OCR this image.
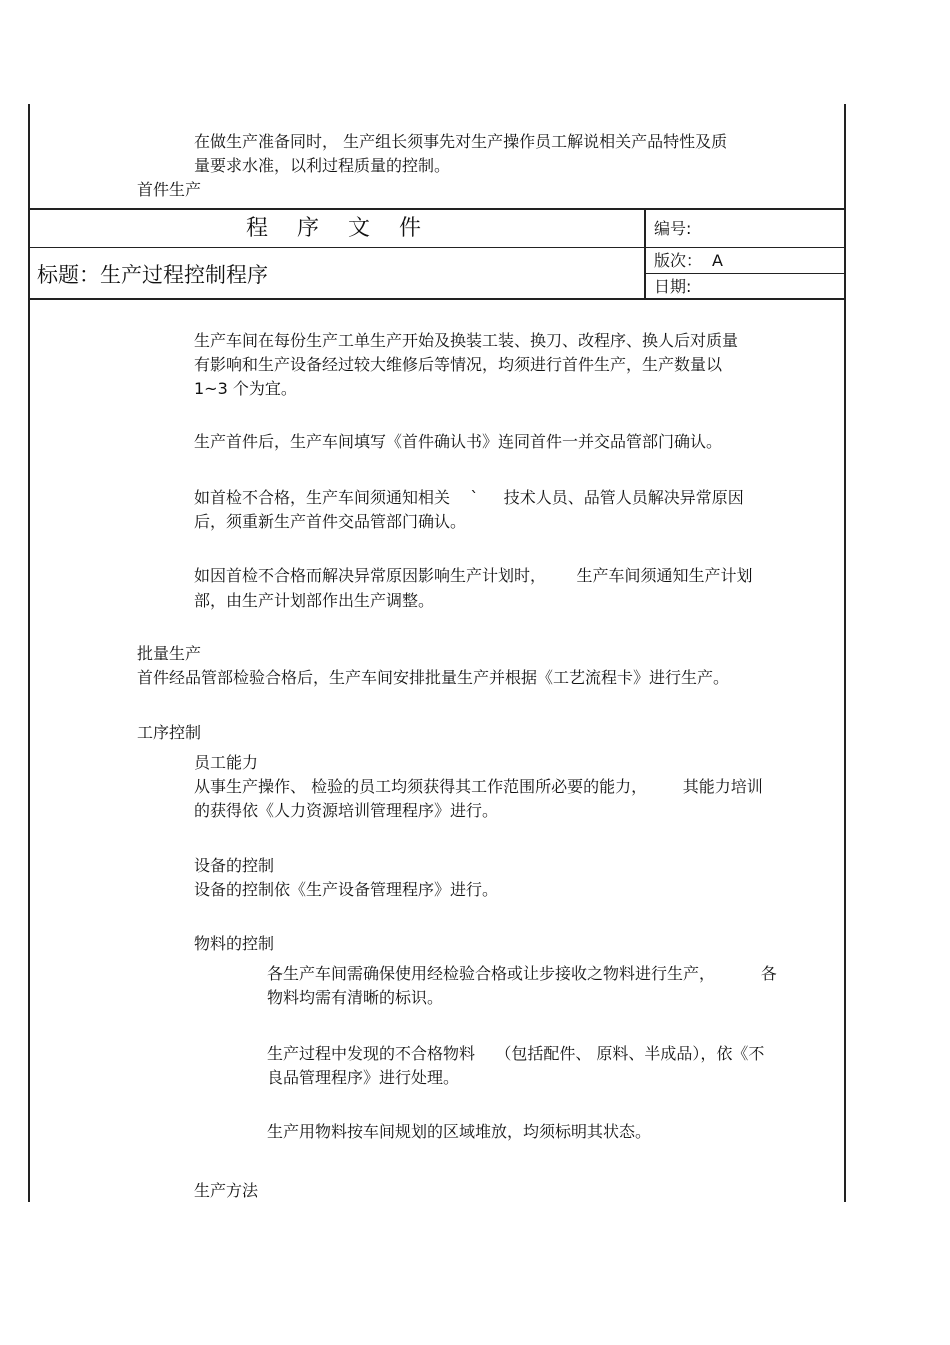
在做生产准备同时， 生产组长须事先对生产操作员工解说相关产品特性及质
量要求水准，以利过程质量的控制。
首件生产
程   序   文   件	编号:
标题：生产过程控制程序
版次： A
日期:
生产车间在每份生产工单生产开始及换装工装、换刀、改程序、换人后对质量
有影响和生产设备经过较大维修后等情况，均须进行首件生产，生产数量以
1~3 个为宜。
生产首件后，生产车间填写《首件确认书》连同首件一并交品管部门确认。
如首检不合格，生产车间须通知相关    `     技术人员、品管人员解决异常原因
后，须重新生产首件交品管部门确认。
如因首检不合格而解决异常原因影响生产计划时，      生产车间须通知生产计划
部，由生产计划部作出生产调整。
批量生产
首件经品管部检验合格后，生产车间安排批量生产并根据《工艺流程卡》进行生产。
工序控制
员工能力
从事生产操作、 检验的员工均须获得其工作范围所必要的能力，       其能力培训
的获得依《人力资源培训管理程序》进行。
设备的控制
设备的控制依《生产设备管理程序》进行。
物料的控制
各生产车间需确保使用经检验合格或让步接收之物料进行生产，         各
物料均需有清晰的标识。
生产过程中发现的不合格物料    （包括配件、 原料、半成品），依《不
良品管理程序》进行处理。
生产用物料按车间规划的区域堆放，均须标明其状态。
生产方法
